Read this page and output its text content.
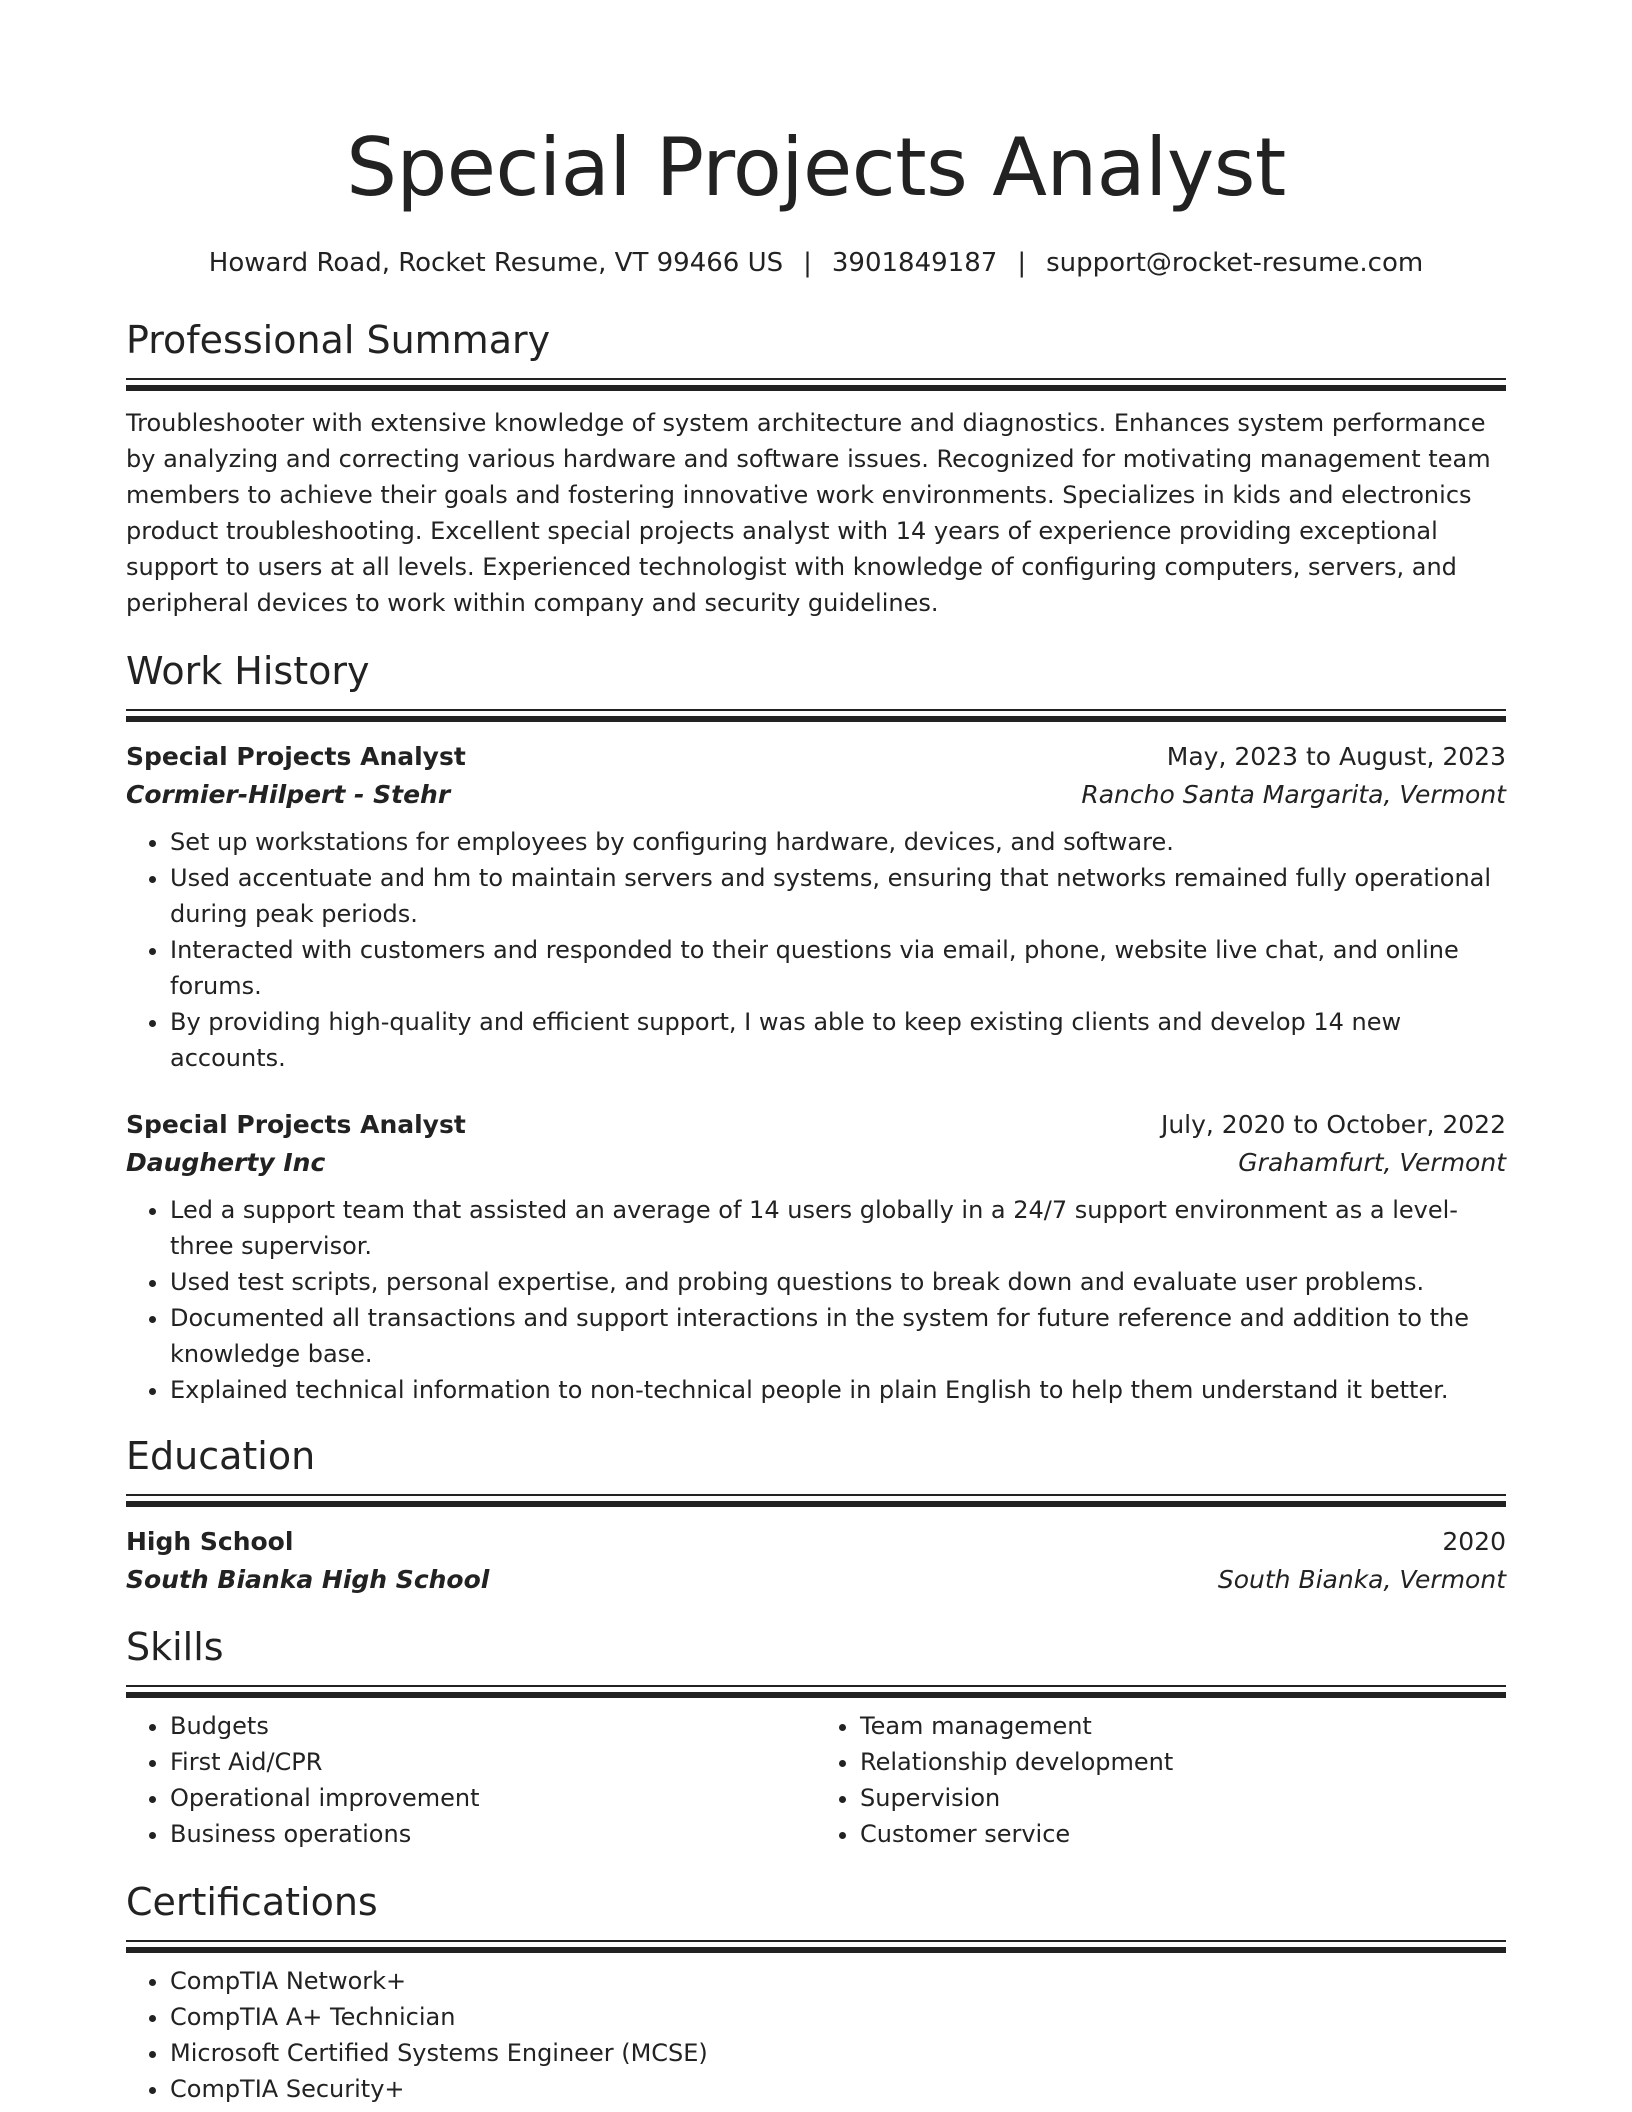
Special Projects Analyst
Howard Road, Rocket Resume, VT 99466 US | 3901849187 | support@rocket-resume.com
Professional Summary

Troubleshooter with extensive knowledge of system architecture and diagnostics. Enhances system performance by analyzing and correcting various hardware and software issues. Recognized for motivating management team members to achieve their goals and fostering innovative work environments. Specializes in kids and electronics product troubleshooting. Excellent special projects analyst with 14 years of experience providing exceptional support to users at all levels. Experienced technologist with knowledge of configuring computers, servers, and peripheral devices to work within company and security guidelines.

Work History
Special Projects Analyst	May, 2023 to August, 2023
Cormier-Hilpert - Stehr	Rancho Santa Margarita, Vermont
• Set up workstations for employees by configuring hardware, devices, and software.
• Used accentuate and hm to maintain servers and systems, ensuring that networks remained fully operational during peak periods.
• Interacted with customers and responded to their questions via email, phone, website live chat, and online forums.
• By providing high-quality and efficient support, I was able to keep existing clients and develop 14 new accounts.
Special Projects Analyst	July, 2020 to October, 2022
Daugherty Inc	Grahamfurt, Vermont
• Led a support team that assisted an average of 14 users globally in a 24/7 support environment as a level-three supervisor.
• Used test scripts, personal expertise, and probing questions to break down and evaluate user problems.
• Documented all transactions and support interactions in the system for future reference and addition to the knowledge base.
• Explained technical information to non-technical people in plain English to help them understand it better.
Education
High School	2020
South Bianka High School	South Bianka, Vermont
Skills
• Budgets
• First Aid/CPR
• Operational improvement
• Business operations
• Team management
• Relationship development
• Supervision
• Customer service
Certifications
• CompTIA Network+
• CompTIA A+ Technician
• Microsoft Certified Systems Engineer (MCSE)
• CompTIA Security+
